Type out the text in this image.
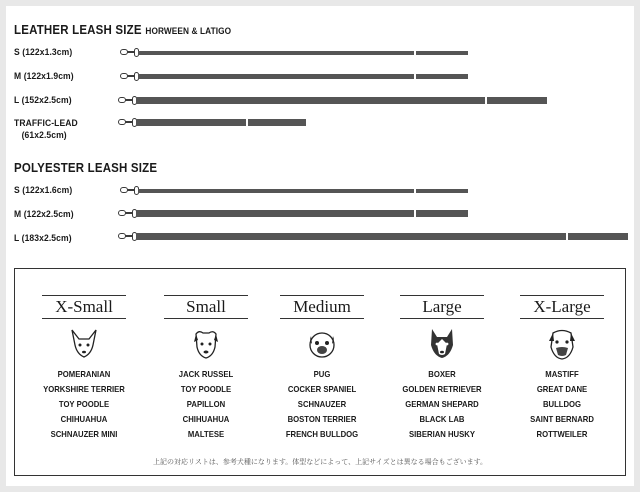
LEATHER LEASH SIZE HORWEEN & LATIGO
S (122x1.3cm)
M (122x1.9cm)
L (152x2.5cm)
TRAFFIC-LEAD
(61x2.5cm)
POLYESTER LEASH SIZE
S (122x1.6cm)
M (122x2.5cm)
L (183x2.5cm)
X-Small
POMERANIAN
YORKSHIRE TERRIER
TOY POODLE
CHIHUAHUA
SCHNAUZER MINI
Small
JACK RUSSEL
TOY POODLE
PAPILLON
CHIHUAHUA
MALTESE
Medium
PUG
COCKER SPANIEL
SCHNAUZER
BOSTON TERRIER
FRENCH BULLDOG
Large
BOXER
GOLDEN RETRIEVER
GERMAN SHEPARD
BLACK LAB
SIBERIAN HUSKY
X-Large
MASTIFF
GREAT DANE
BULLDOG
SAINT BERNARD
ROTTWEILER
上記の対応リストは、参考犬種になります。体型などによって、上記サイズとは異なる場合もございます。
